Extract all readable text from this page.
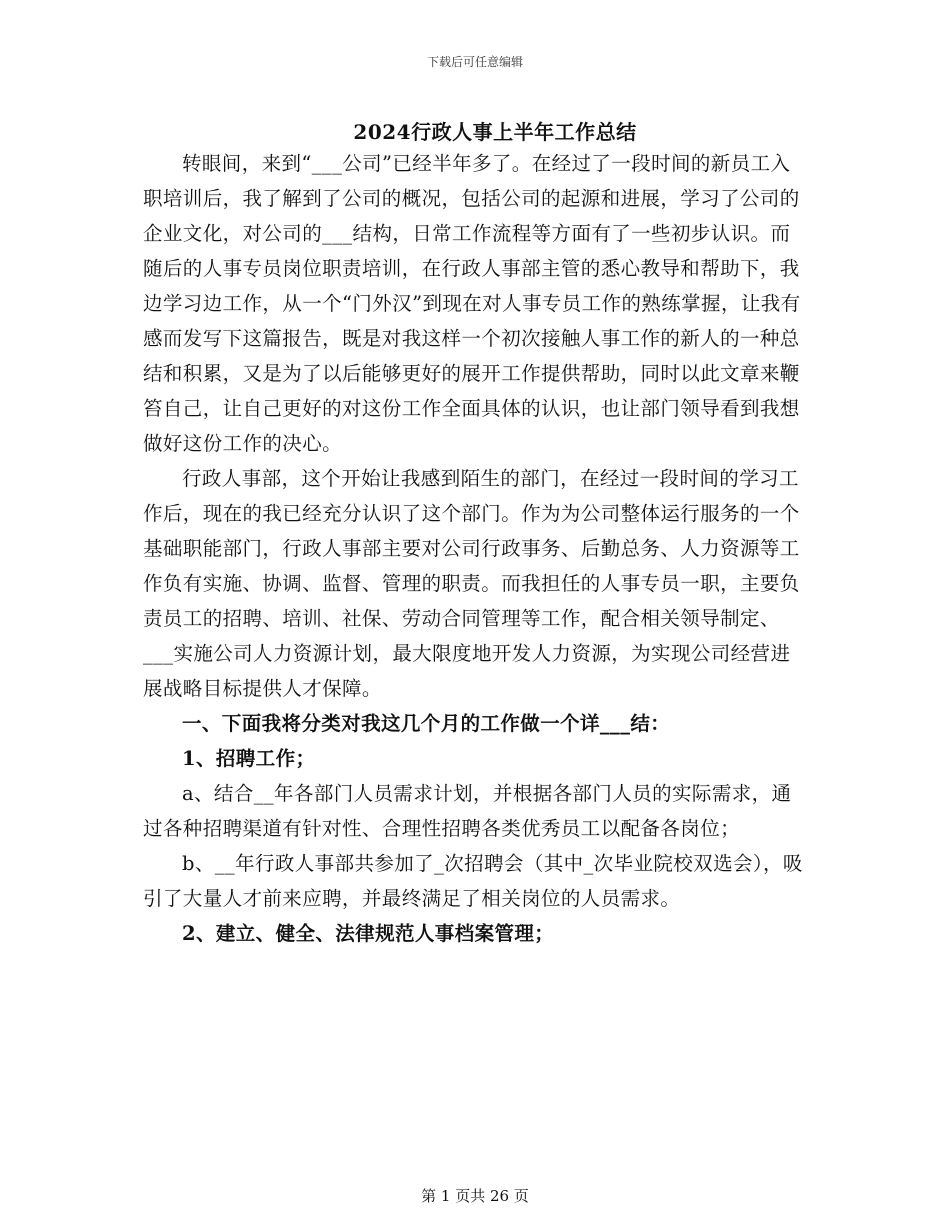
下载后可任意编辑
2024行政人事上半年工作总结

转眼间，来到“___公司”已经半年多了。在经过了一段时间的新员工入职培训后，我了解到了公司的概况，包括公司的起源和进展，学习了公司的企业文化，对公司的___结构，日常工作流程等方面有了一些初步认识。而随后的人事专员岗位职责培训，在行政人事部主管的悉心教导和帮助下，我边学习边工作，从一个“门外汉”到现在对人事专员工作的熟练掌握，让我有感而发写下这篇报告，既是对我这样一个初次接触人事工作的新人的一种总结和积累，又是为了以后能够更好的展开工作提供帮助，同时以此文章来鞭笞自己，让自己更好的对这份工作全面具体的认识，也让部门领导看到我想做好这份工作的决心。

行政人事部，这个开始让我感到陌生的部门，在经过一段时间的学习工作后，现在的我已经充分认识了这个部门。作为为公司整体运行服务的一个基础职能部门，行政人事部主要对公司行政事务、后勤总务、人力资源等工作负有实施、协调、监督、管理的职责。而我担任的人事专员一职，主要负责员工的招聘、培训、社保、劳动合同管理等工作，配合相关领导制定、___实施公司人力资源计划，最大限度地开发人力资源，为实现公司经营进展战略目标提供人才保障。

一、下面我将分类对我这几个月的工作做一个详___结：

1、招聘工作；

a、结合__年各部门人员需求计划，并根据各部门人员的实际需求，通过各种招聘渠道有针对性、合理性招聘各类优秀员工以配备各岗位；

b、__年行政人事部共参加了_次招聘会（其中_次毕业院校双选会），吸引了大量人才前来应聘，并最终满足了相关岗位的人员需求。

2、建立、健全、法律规范人事档案管理；

第 1 页共 26 页
